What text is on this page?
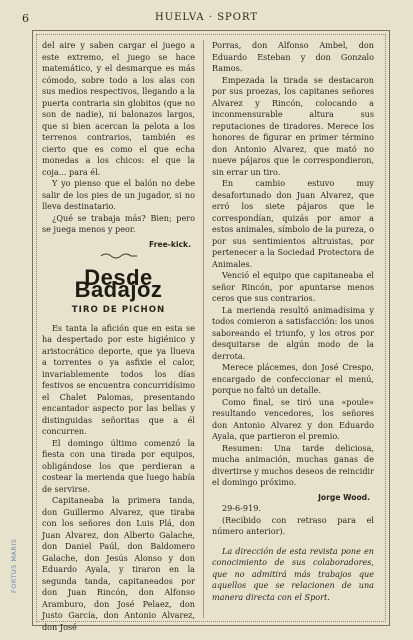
6	HUELVA · SPORT

del aire y saben cargar el juego a este extremo, el juego se hace matemático, y el desmarque es más cómodo, sobre todo a los alas con sus medios respectivos, llegando a la puerta contraria sin globitos (que no son de nadie), ni balonazos largos, que si bien acercan la pelota a los terrenos contrarios, también es cierto que es como el que echa monedas a los chicos: el que la coja... para él.

Y yo pienso que el balón no debe salir de los pies de un jugador, si no lleva destinatario.

¿Qué se trabaja más? Bien; pero se juega menos y peor.

Free-kick.

Desde Badajoz

TIRO DE PICHON

Es tanta la afición que en esta se ha despertado por este higiénico y aristocrático deporte, que ya llueva a torrentes o ya asfixie el calor, invariablemente todos los días festivos se encuentra concurridísimo el Chalet Palomas, presentando encantador aspecto por las bellas y distinguidas señoritas que a él concurren.

El domingo último comenzó la fiesta con una tirada por equipos, obligándose los que perdieran a costear la merienda que luego había de servirse.

Capitaneaba la primera tanda, don Guillermo Alvarez, que tiraba con los señores don Luis Plá, don Juan Alvarez, don Alberto Galache, don Daniel Paúl, don Baldomero Galache, don Jesús Alonso y don Eduardo Ayala, y tiraron en la segunda tanda, capitaneados por don Juan Rincón, don Alfonso Aramburo, don José Pelaez, don Justo García, don Antonio Alvarez, don José

Porras, don Alfonso Ambel, don Eduardo Esteban y don Gonzalo Ramos.

Empezada la tirada se destacaron por sus proezas, los capitanes señores Alvarez y Rincón, colocando a inconmensurable altura sus reputaciones de tiradores. Merece los honores de figurar en primer término don Antonio Alvarez, que mató no nueve pájaros que le correspondieron, sin errar un tiro.

En cambio estuvo muy desafortunado don Juan Alvarez, que erró los siete pájaros que le correspondían, quizás por amor a estos animales, símbolo de la pureza, o por sus sentimientos altruistas, por pertenecer a la Sociedad Protectora de Animales.

Venció el equipo que capitaneaba el señor Rincón, por apuntarse menos ceros que sus contrarios.

La merienda resultó animadísima y todos comieron a satisfacción: los unos saboreando el triunfo, y los otros por desquitarse de algún modo de la derrota.

Merece plácemes, don José Crespo, encargado de confeccionar el menú, porque no faltó un detalle.

Como final, se tiró una «poule» resultando vencedores, los señores don Antonio Alvarez y don Eduardo Ayala, que partieron el premio.

Resumen: Una tarde deliciosa, mucha animación, muchas ganas de divertirse y muchos deseos de reincidir el domingo próximo.

Jorge Wood.

29-6-919.

(Recibido con retraso para el número anterior).

La dirección de esta revista pone en conocimiento de sus colaboradores, que no admitirá más trabajos que aquellos que se relacionen de una manera directa con el Sport.

FORTUS MARIS
